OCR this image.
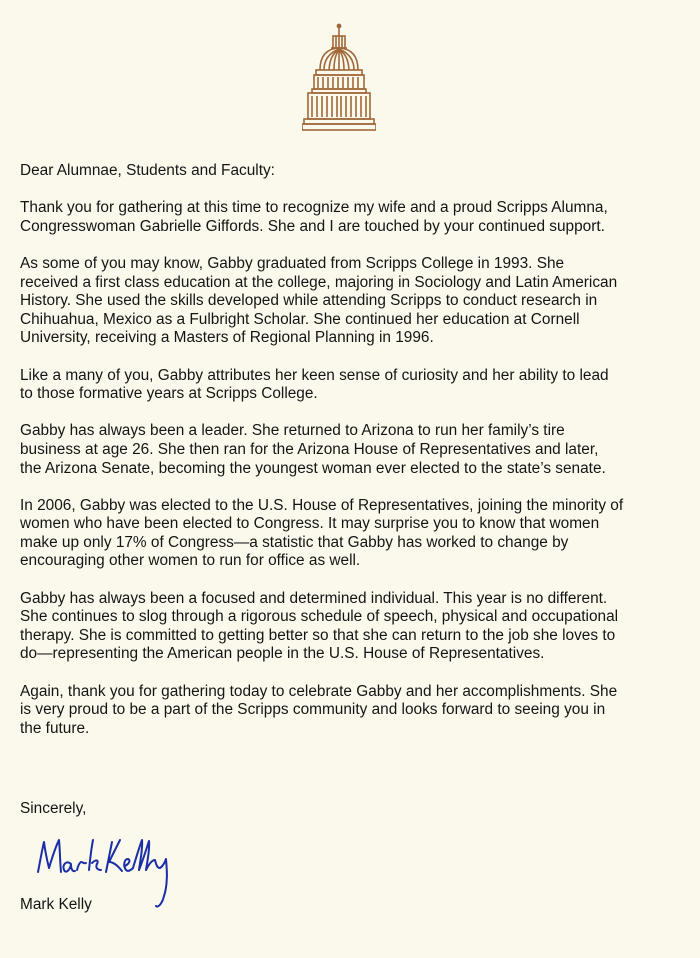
Dear Alumnae, Students and Faculty:

Thank you for gathering at this time to recognize my wife and a proud Scripps Alumna,
Congresswoman Gabrielle Giffords. She and I are touched by your continued support.

As some of you may know, Gabby graduated from Scripps College in 1993. She
received a first class education at the college, majoring in Sociology and Latin American
History. She used the skills developed while attending Scripps to conduct research in
Chihuahua, Mexico as a Fulbright Scholar. She continued her education at Cornell
University, receiving a Masters of Regional Planning in 1996.

Like a many of you, Gabby attributes her keen sense of curiosity and her ability to lead
to those formative years at Scripps College.

Gabby has always been a leader. She returned to Arizona to run her family’s tire
business at age 26. She then ran for the Arizona House of Representatives and later,
the Arizona Senate, becoming the youngest woman ever elected to the state’s senate.

In 2006, Gabby was elected to the U.S. House of Representatives, joining the minority of
women who have been elected to Congress. It may surprise you to know that women
make up only 17% of Congress—a statistic that Gabby has worked to change by
encouraging other women to run for office as well.

Gabby has always been a focused and determined individual. This year is no different.
She continues to slog through a rigorous schedule of speech, physical and occupational
therapy. She is committed to getting better so that she can return to the job she loves to
do—representing the American people in the U.S. House of Representatives.

Again, thank you for gathering today to celebrate Gabby and her accomplishments. She
is very proud to be a part of the Scripps community and looks forward to seeing you in
the future.

Sincerely,
Mark Kelly
